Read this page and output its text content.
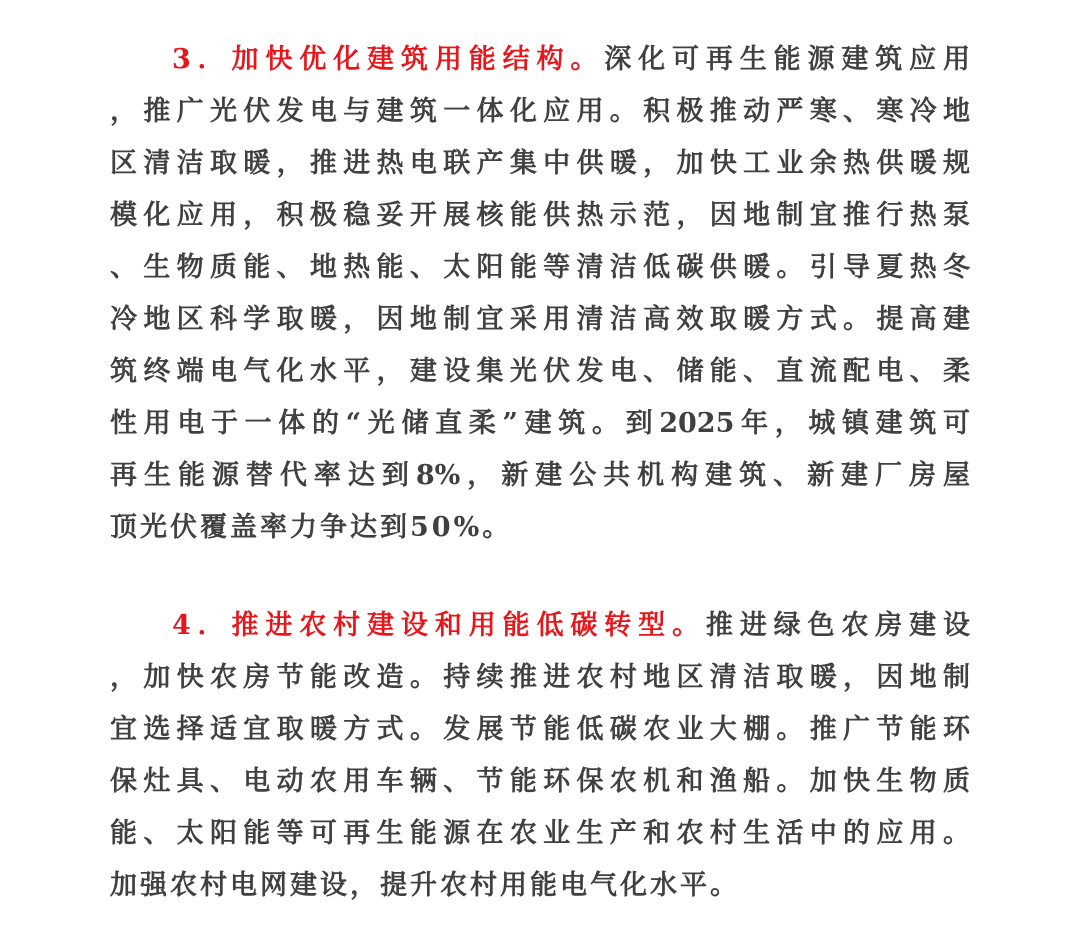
3．加快优化建筑用能结构。深化可再生能源建筑应用
，推广光伏发电与建筑一体化应用。积极推动严寒、寒冷地
区清洁取暖，推进热电联产集中供暖，加快工业余热供暖规
模化应用，积极稳妥开展核能供热示范，因地制宜推行热泵
、生物质能、地热能、太阳能等清洁低碳供暖。引导夏热冬
冷地区科学取暖，因地制宜采用清洁高效取暖方式。提高建
筑终端电气化水平，建设集光伏发电、储能、直流配电、柔
性用电于一体的“光储直柔”建筑。到2025年，城镇建筑可
再生能源替代率达到8%，新建公共机构建筑、新建厂房屋
顶光伏覆盖率力争达到50%。
4．推进农村建设和用能低碳转型。推进绿色农房建设
，加快农房节能改造。持续推进农村地区清洁取暖，因地制
宜选择适宜取暖方式。发展节能低碳农业大棚。推广节能环
保灶具、电动农用车辆、节能环保农机和渔船。加快生物质
能、太阳能等可再生能源在农业生产和农村生活中的应用。
加强农村电网建设，提升农村用能电气化水平。
